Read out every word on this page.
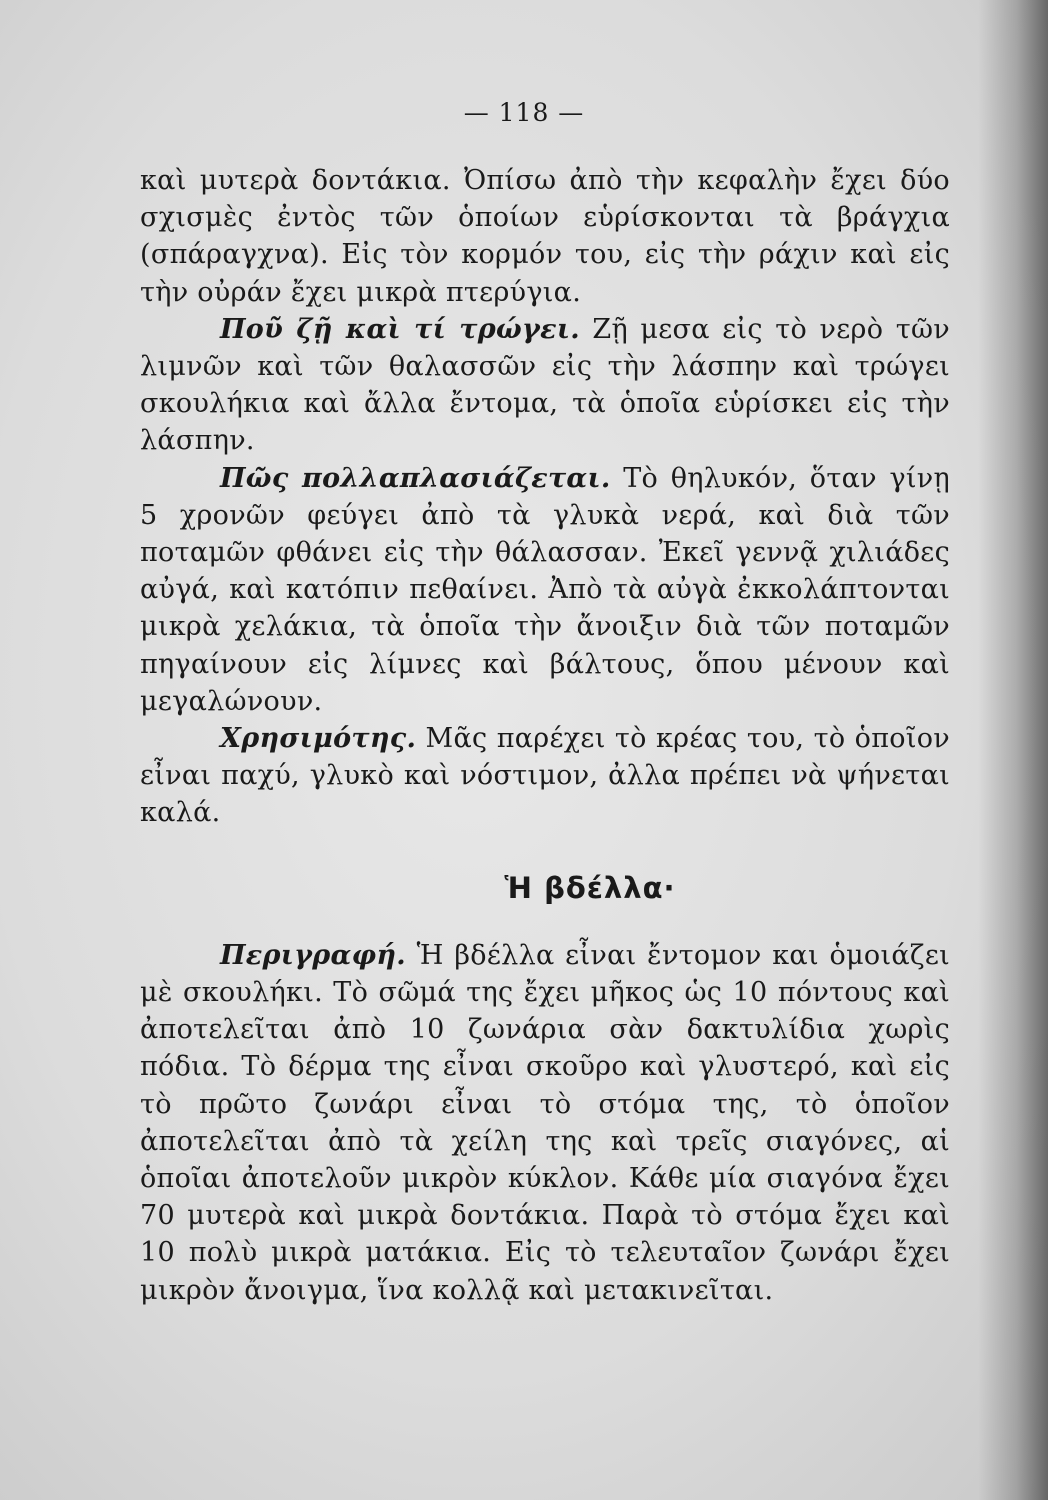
— 118 —

καὶ μυτερὰ δοντάκια. Ὀπίσω ἀπὸ τὴν κεφαλὴν ἔχει δύο σχισμὲς ἐντὸς τῶν ὁποίων εὑρίσκονται τὰ βράγχια (σπάραγχνα). Εἰς τὸν κορμόν του, εἰς τὴν ράχιν καὶ εἰς τὴν οὐράν ἔχει μικρὰ πτερύγια.

Ποῦ ζῇ καὶ τί τρώγει. Ζῇ μεσα εἰς τὸ νερὸ τῶν λιμνῶν καὶ τῶν θαλασσῶν εἰς τὴν λάσπην καὶ τρώγει σκουλήκια καὶ ἄλλα ἔντομα, τὰ ὁποῖα εὑρίσκει εἰς τὴν λάσπην.

Πῶς πολλαπλασιάζεται. Τὸ θηλυκόν, ὅταν γίνῃ 5 χρονῶν φεύγει ἀπὸ τὰ γλυκὰ νερά, καὶ διὰ τῶν ποταμῶν φθάνει εἰς τὴν θάλασσαν. Ἐκεῖ γεννᾷ χιλιάδες αὐγά, καὶ κατόπιν πεθαίνει. Ἀπὸ τὰ αὐγὰ ἐκκολάπτονται μικρὰ χελάκια, τὰ ὁποῖα τὴν ἄνοιξιν διὰ τῶν ποταμῶν πηγαίνουν εἰς λίμνες καὶ βάλτους, ὅπου μένουν καὶ μεγαλώνουν.

Χρησιμότης. Μᾶς παρέχει τὸ κρέας του, τὸ ὁποῖον εἶναι παχύ, γλυκὸ καὶ νόστιμον, ἀλλα πρέπει νὰ ψήνεται καλά.

Ἡ βδέλλα·

Περιγραφή. Ἡ βδέλλα εἶναι ἔντομον και ὁμοιάζει μὲ σκουλήκι. Τὸ σῶμά της ἔχει μῆκος ὡς 10 πόντους καὶ ἀποτελεῖται ἀπὸ 10 ζωνάρια σὰν δακτυλίδια χωρὶς πόδια. Τὸ δέρμα της εἶναι σκοῦρο καὶ γλυστερό, καὶ εἰς τὸ πρῶτο ζωνάρι εἶναι τὸ στόμα της, τὸ ὁποῖον ἀποτελεῖται ἀπὸ τὰ χείλη της καὶ τρεῖς σιαγόνες, αἱ ὁποῖαι ἀποτελοῦν μικρὸν κύκλον. Κάθε μία σιαγόνα ἔχει 70 μυτερὰ καὶ μικρὰ δοντάκια. Παρὰ τὸ στόμα ἔχει καὶ 10 πολὺ μικρὰ ματάκια. Εἰς τὸ τελευταῖον ζωνάρι ἔχει μικρὸν ἄνοιγμα, ἵνα κολλᾷ καὶ μετακινεῖται.
